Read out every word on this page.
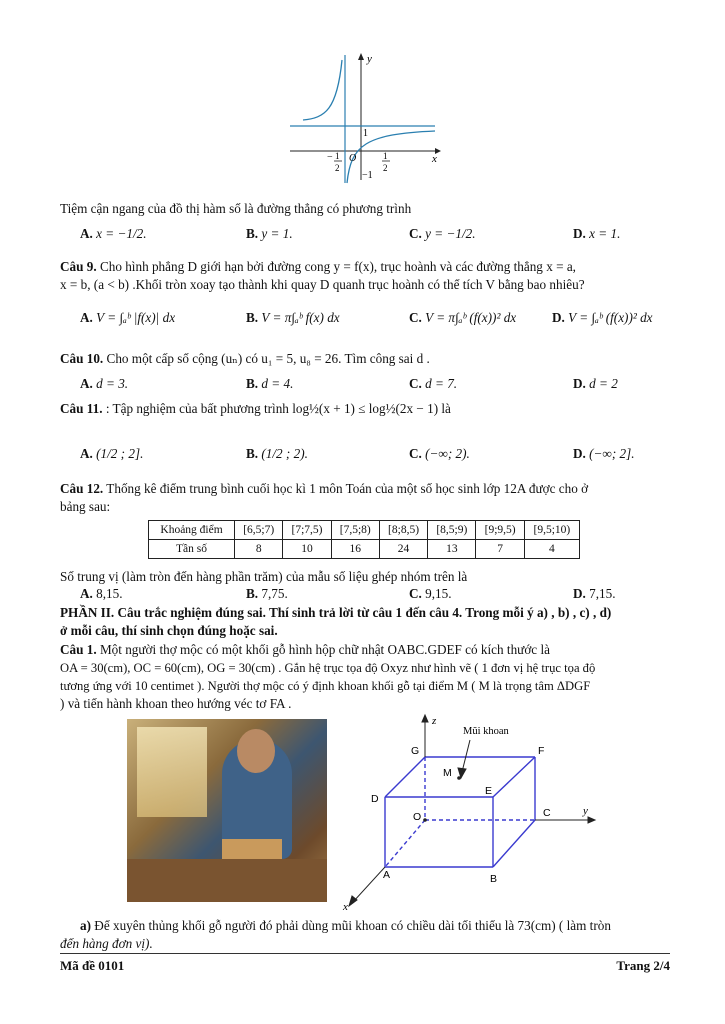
y
x
1
O
−1
− 1
2
1
2
Tiệm cận ngang của đồ thị hàm số là đường thẳng có phương trình
A. x = −1/2.	B. y = 1.	C. y = −1/2.	D. x = 1.
Câu 9. Cho hình phẳng D giới hạn bởi đường cong y = f(x), trục hoành và các đường thẳng x = a,
x = b, (a < b) .Khối tròn xoay tạo thành khi quay D quanh trục hoành có thể tích V bằng bao nhiêu?
A. V = ∫ₐᵇ |f(x)| dx	B. V = π∫ₐᵇ f(x) dx	C. V = π∫ₐᵇ (f(x))² dx	D. V = ∫ₐᵇ (f(x))² dx
Câu 10. Cho một cấp số cộng (uₙ) có u₁ = 5, u₈ = 26. Tìm công sai d .
A. d = 3.	B. d = 4.	C. d = 7.	D. d = 2
Câu 11. : Tập nghiệm của bất phương trình log½(x + 1) ≤ log½(2x − 1) là
A. (1/2 ; 2].	B. (1/2 ; 2).	C. (−∞; 2).	D. (−∞; 2].
Câu 12. Thống kê điểm trung bình cuối học kì 1 môn Toán của một số học sinh lớp 12A được cho ở
bảng sau:
Khoảng điểm	[6,5;7)	[7;7,5)	[7,5;8)	[8;8,5)	[8,5;9)	[9;9,5)	[9,5;10)
Tần số	8	10	16	24	13	7	4
Số trung vị (làm tròn đến hàng phần trăm) của mẫu số liệu ghép nhóm trên là
A. 8,15.	B. 7,75.	C. 9,15.	D. 7,15.
PHẦN II. Câu trắc nghiệm đúng sai. Thí sinh trả lời từ câu 1 đến câu 4. Trong mỗi ý a) , b) , c) , d)
ở mỗi câu, thí sinh chọn đúng hoặc sai.
Câu 1. Một người thợ mộc có một khối gỗ hình hộp chữ nhật OABC.GDEF có kích thước là
OA = 30(cm), OC = 60(cm), OG = 30(cm) . Gắn hệ trục tọa độ Oxyz như hình vẽ ( 1 đơn vị hệ trục tọa độ
tương ứng với 10 centimet ). Người thợ mộc có ý định khoan khối gỗ tại điểm M ( M là trọng tâm ΔDGF
) và tiến hành khoan theo hướng véc tơ FA .
Mũi khoan
z
y
x
G	F
M
D
E
O	C
A	B
a) Để xuyên thủng khối gỗ người đó phải dùng mũi khoan có chiều dài tối thiểu là 73(cm) ( làm tròn
đến hàng đơn vị).
Mã đề 0101	Trang 2/4
